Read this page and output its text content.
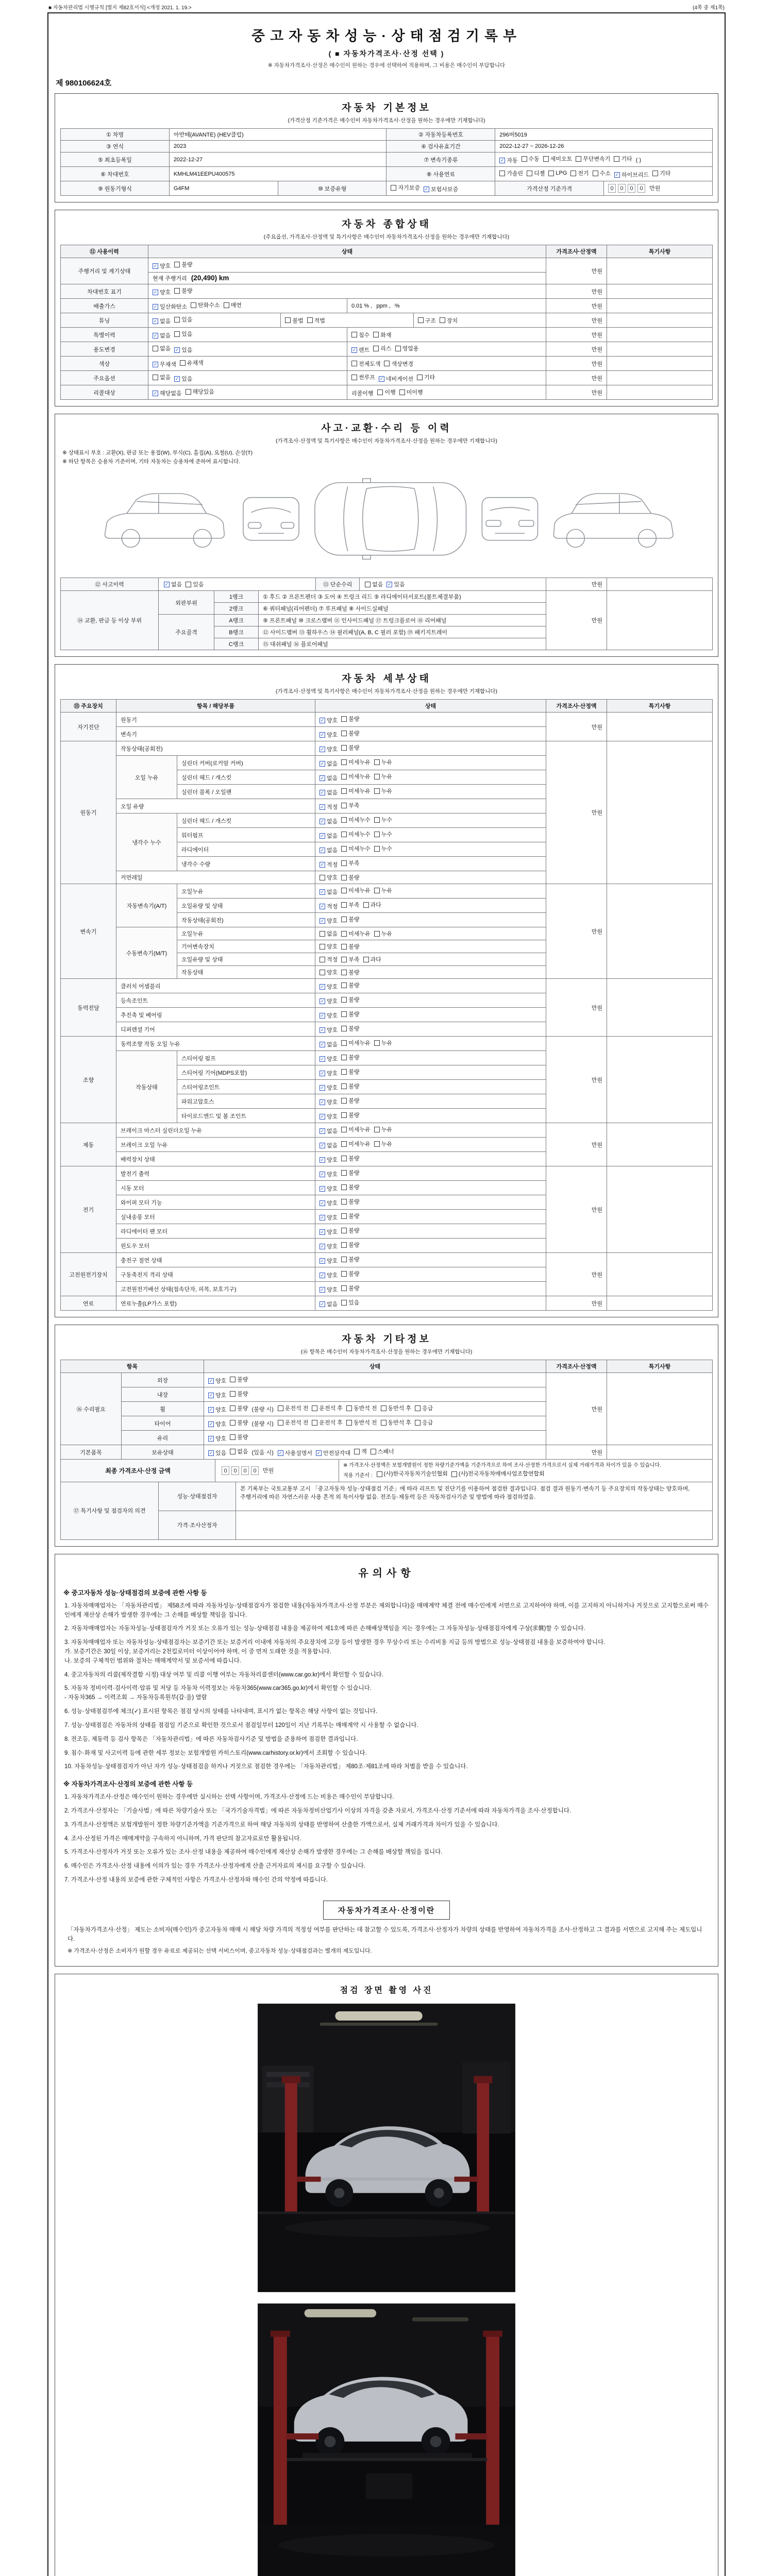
■ 자동차관리법 시행규칙 [별지 제82호서식] <개정 2021. 1. 19.>	(4쪽 중 제1쪽)
중고자동차성능·상태점검기록부
( ■ 자동차가격조사·산정 선택 )
※ 자동차가격조사·산정은 매수인이 원하는 경우에 선택하여 적용하며, 그 비용은 매수인이 부담합니다
제 980106624호
자동차 기본정보
(가격산정 기준가격은 매수인이 자동차가격조사·산정을 원하는 경우에만 기재합니다)
① 차명	아반떼(AVANTE) (HEV클럽)		② 자동차등록번호	296버5019	
③ 연식	2023		④ 검사유효기간	2022-12-27 ~ 2026-12-26	
⑤ 최초등록일	2022-12-27	⑦ 변속기종류	✓ 자동 수동 세미오토 무단변속기 기타 ( )
⑥ 차대번호	KMHLM41EEPU400575	⑧ 사용연료	가솔린 디젤 LPG 전기 수소 ✓ 하이브리드 기타

⑨ 원동기형식	G4FM	⑩ 보증유형	자기보증 ✓ 보험사보증	가격산정 기준가격	0 0 0 0 만원
자동차 종합상태
(주요옵션, 가격조사·산정액 및 특기사항은 매수인이 자동차가격조사·산정을 원하는 경우에만 기재합니다)
⑪ 사용이력	상태				가격조사·산정액	특기사항
주행거리 및 계기상태	✓ 양호 불량				만원	
	현재 주행거리 (20,490) km					
차대번호 표기	✓ 양호 불량				만원	
배출가스	✓ 일산화탄소 탄화수소 매연		0.01 % , ppm , %		만원	
튜닝	✓ 없음 있음	불법 적법		구조 장치	만원	
특별이력	✓ 없음 있음		침수 화재		만원	
용도변경	없음 ✓ 있음		✓ 렌트 리스 영업용		만원	
색상	✓ 무채색 유채색		전체도색 색상변경		만원	
주요옵션	없음 ✓ 있음		썬루프 ✓ 네비게이션 기타		만원	
리콜대상	✓ 해당없음 해당있음		리콜이행 이행 미이행		만원	
사고·교환·수리 등 이력
(가격조사·산정액 및 특기사항은 매수인이 자동차가격조사·산정을 원하는 경우에만 기재합니다)
※ 상태표시 부호 : 교환(X), 판금 또는 용접(W), 부식(C), 흠집(A), 요철(U), 손상(T)
※ 하단 항목은 승용차 기준이며, 기타 자동차는 승용차에 준하여 표시합니다.
⑫ 사고이력	✓ 없음 있음	⑬ 단순수리	없음 ✓ 있음	만원	
⑭ 교환, 판금 등 이상 부위	외판부위	1랭크	① 후드 ② 프론트펜더 ③ 도어 ④ 트렁크 리드 ⑤ 라디에이터서포트(볼트체결부품)	만원	
		2랭크	⑥ 쿼터패널(리어펜더) ⑦ 루프패널 ⑧ 사이드실패널		
	주요골격	A랭크	⑨ 프론트패널 ⑩ 크로스멤버 ⑪ 인사이드패널 ⑰ 트렁크플로어 ⑱ 리어패널		
		B랭크	⑫ 사이드멤버 ⑬ 휠하우스 ⑭ 필러패널(A, B, C 필러 포함) ⑲ 패키지트레이		
		C랭크	⑮ 대쉬패널 ⑯ 플로어패널		
자동차 세부상태
(가격조사·산정액 및 특기사항은 매수인이 자동차가격조사·산정을 원하는 경우에만 기재합니다)
⑮ 주요장치	항목 / 해당부품		상태	가격조사·산정액	특기사항
자기진단	원동기		✓ 양호 불량	만원	
	변속기		✓ 양호 불량		

원동기	작동상태(공회전)		✓ 양호 불량	만원	
	오일 누유	실린더 커버(로커암 커버)	✓ 없음 미세누유 누유		

		실린더 헤드 / 개스킷	✓ 없음 미세누유 누유		

		실린더 블록 / 오일팬	✓ 없음 미세누유 누유		

	오일 유량		✓ 적정 부족		

	냉각수 누수	실린더 헤드 / 개스킷	✓ 없음 미세누수 누수		

		워터펌프	✓ 없음 미세누수 누수		

		라디에이터	✓ 없음 미세누수 누수		

		냉각수 수량	✓ 적정 부족		

	커먼레일		양호 불량		

변속기	자동변속기(A/T)	오일누유	✓ 없음 미세누유 누유	만원	
		오일유량 및 상태	✓ 적정 부족 과다		

		작동상태(공회전)	✓ 양호 불량		

	수동변속기(M/T)	오일누유	없음 미세누유 누유		

		기어변속장치	양호 불량		

		오일유량 및 상태	적정 부족 과다		

		작동상태	양호 불량		

동력전달	클러치 어셈블리		✓ 양호 불량	만원	
	등속조인트		✓ 양호 불량		

	추진축 및 베어링		✓ 양호 불량		

	디퍼렌셜 기어		✓ 양호 불량		

조향	동력조향 작동 오일 누유		✓ 없음 미세누유 누유	만원	
	작동상태	스티어링 펌프	✓ 양호 불량		

		스티어링 기어(MDPS포함)	✓ 양호 불량		

		스티어링조인트	✓ 양호 불량		

		파워고압호스	✓ 양호 불량		

		타이로드엔드 및 볼 조인트	✓ 양호 불량		

제동	브레이크 마스터 실린더오일 누유		✓ 없음 미세누유 누유	만원	
	브레이크 오일 누유		✓ 없음 미세누유 누유		

	배력장치 상태		✓ 양호 불량		

전기	발전기 출력		✓ 양호 불량	만원	
	시동 모터		✓ 양호 불량		

	와이퍼 모터 기능		✓ 양호 불량		

	실내송풍 모터		✓ 양호 불량		

	라디에이터 팬 모터		✓ 양호 불량		

	윈도우 모터		✓ 양호 불량		

고전원전기장치	충전구 절연 상태		✓ 양호 불량	만원	
	구동축전지 격리 상태		✓ 양호 불량		

	고전원전기배선 상태(접속단자, 피복, 보호기구)		✓ 양호 불량		

연료	연료누출(LP가스 포함)		✓ 없음 있음	만원	
자동차 기타정보
(⑯ 항목은 매수인이 자동차가격조사·산정을 원하는 경우에만 기재합니다)
항목		상태	가격조사·산정액	특기사항
⑯ 수리필요	외장	✓ 양호 불량	만원	
	내장	✓ 양호 불량		

휠	✓ 양호 불량 (불량 시) 운전석 전 운전석 후 동반석 전 동반석 후 응급

타이어	✓ 양호 불량 (불량 시) 운전석 전 운전석 후 동반석 전 동반석 후 응급

	유리	✓ 양호 불량		

기본품목	보유상태	✓ 있음 없음 (있음 시) ✓ 사용설명서 ✓ 안전삼각대 잭 스패너	만원	
최종 가격조사·산정 금액	0 0 0 0 만원	
※ 가격조사·산정액은 보험개발원이 정한 차량기준가액을 기준가격으로 하여 조사·산정한 가격으로서 실제 거래가격과 차이가 있을 수 있습니다.
적용 기준서 : (사)한국자동차기술인협회 (사)전국자동차매매사업조합연합회
⑰ 특기사항 및 점검자의 의견	성능·상태점검자	본 기록부는 국토교통부 고시 「중고자동차 성능·상태점검 기준」에 따라 리프트 및 진단기를 이용하여 점검한 결과입니다. 점검 결과 원동기·변속기 등 주요장치의 작동상태는 양호하며, 주행거리에 따른 자연스러운 사용 흔적 외 특이사항 없음. 전조등·제동력 등은 자동차검사기준 및 방법에 따라 점검하였음.
	가격·조사산정자	
유의사항
※ 중고자동차 성능·상태점검의 보증에 관한 사항 등

1. 자동차매매업자는 「자동차관리법」 제58조에 따라 자동차성능·상태점검자가 점검한 내용(자동차가격조사·산정 부분은 제외합니다)을 매매계약 체결 전에 매수인에게 서면으로 고지하여야 하며, 이를 고지하지 아니하거나 거짓으로 고지함으로써 매수인에게 재산상 손해가 발생한 경우에는 그 손해를 배상할 책임을 집니다.

2. 자동차매매업자는 자동차성능·상태점검자가 거짓 또는 오류가 있는 성능·상태점검 내용을 제공하여 제1호에 따른 손해배상책임을 지는 경우에는 그 자동차성능·상태점검자에게 구상(求償)할 수 있습니다.

3. 자동차매매업자 또는 자동차성능·상태점검자는 보증기간 또는 보증거리 이내에 자동차의 주요장치에 고장 등이 발생한 경우 무상수리 또는 수리비용 지급 등의 방법으로 성능·상태점검 내용을 보증하여야 합니다.
가. 보증기간은 30일 이상, 보증거리는 2천킬로미터 이상이어야 하며, 이 중 먼저 도래한 것을 적용합니다.
나. 보증의 구체적인 범위와 절차는 매매계약서 및 보증서에 따릅니다.

4. 중고자동차의 리콜(제작결함 시정) 대상 여부 및 리콜 이행 여부는 자동차리콜센터(www.car.go.kr)에서 확인할 수 있습니다.

5. 자동차 정비이력·검사이력·압류 및 저당 등 자동차 이력정보는 자동차365(www.car365.go.kr)에서 확인할 수 있습니다.
- 자동차365 → 이력조회 → 자동차등록원부(갑·을) 열람

6. 성능·상태점검부에 체크(✓) 표시된 항목은 점검 당시의 상태를 나타내며, 표시가 없는 항목은 해당 사항이 없는 것입니다.

7. 성능·상태점검은 자동차의 상태를 점검일 기준으로 확인한 것으로서 점검일부터 120일이 지난 기록부는 매매계약 시 사용할 수 없습니다.

8. 전조등, 제동력 등 검사 항목은 「자동차관리법」에 따른 자동차검사기준 및 방법을 준용하여 점검한 결과입니다.

9. 침수·화재 및 사고이력 등에 관한 세부 정보는 보험개발원 카히스토리(www.carhistory.or.kr)에서 조회할 수 있습니다.

10. 자동차성능·상태점검자가 아닌 자가 성능·상태점검을 하거나 거짓으로 점검한 경우에는 「자동차관리법」 제80조·제81조에 따라 처벌을 받을 수 있습니다.

※ 자동차가격조사·산정의 보증에 관한 사항 등

1. 자동차가격조사·산정은 매수인이 원하는 경우에만 실시하는 선택 사항이며, 가격조사·산정에 드는 비용은 매수인이 부담합니다.

2. 가격조사·산정자는 「기술사법」에 따른 차량기술사 또는 「국가기술자격법」에 따른 자동차정비산업기사 이상의 자격을 갖춘 자로서, 가격조사·산정 기준서에 따라 자동차가격을 조사·산정합니다.

3. 가격조사·산정액은 보험개발원이 정한 차량기준가액을 기준가격으로 하여 해당 자동차의 상태를 반영하여 산출한 가액으로서, 실제 거래가격과 차이가 있을 수 있습니다.

4. 조사·산정된 가격은 매매계약을 구속하지 아니하며, 가격 판단의 참고자료로만 활용됩니다.

5. 가격조사·산정자가 거짓 또는 오류가 있는 조사·산정 내용을 제공하여 매수인에게 재산상 손해가 발생한 경우에는 그 손해를 배상할 책임을 집니다.

6. 매수인은 가격조사·산정 내용에 이의가 있는 경우 가격조사·산정자에게 산출 근거자료의 제시를 요구할 수 있습니다.

7. 가격조사·산정 내용의 보증에 관한 구체적인 사항은 가격조사·산정자와 매수인 간의 약정에 따릅니다.

자동차가격조사·산정이란
「자동차가격조사·산정」 제도는 소비자(매수인)가 중고자동차 매매 시 해당 차량 가격의 적정성 여부를 판단하는 데 참고할 수 있도록, 가격조사·산정자가 차량의 상태를 반영하여 자동차가격을 조사·산정하고 그 결과를 서면으로 고지해 주는 제도입니다.
※ 가격조사·산정은 소비자가 원할 경우 유료로 제공되는 선택 서비스이며, 중고자동차 성능·상태점검과는 별개의 제도입니다.
점검 장면 촬영 사진
